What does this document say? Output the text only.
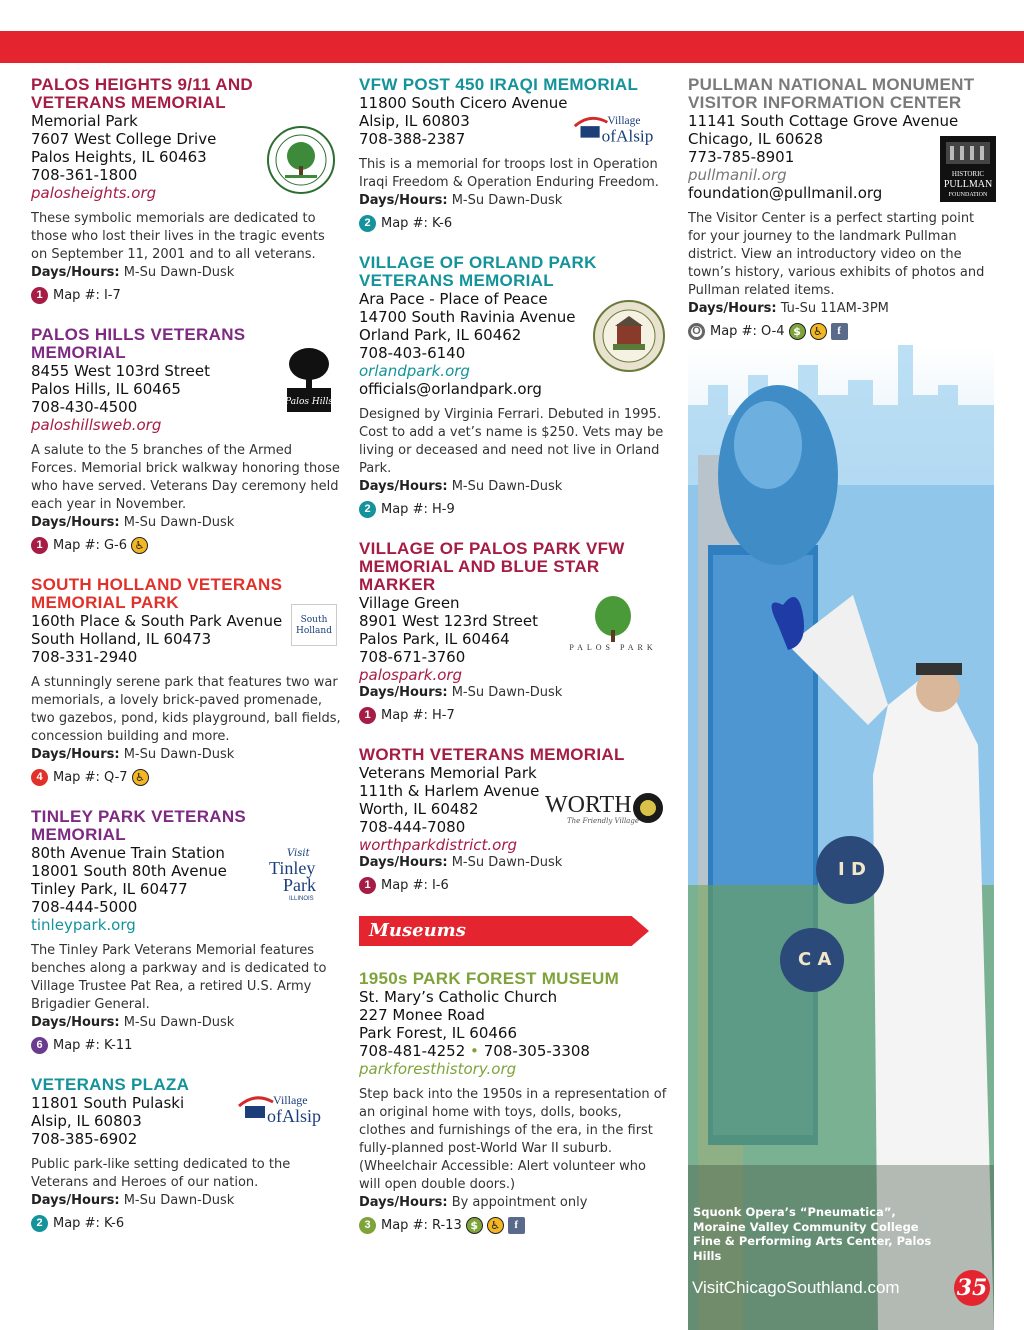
PALOS HEIGHTS 9/11 AND VETERANS MEMORIAL
Memorial Park
7607 West College Drive
Palos Heights, IL 60463
708-361-1800
palosheights.org
These symbolic memorials are dedicated to those who lost their lives in the tragic events on September 11, 2001 and to all veterans.
Days/Hours: M-Su Dawn-Dusk
1 Map #: I-7
PALOS HILLS VETERANS MEMORIAL
8455 West 103rd Street
Palos Hills, IL 60465
708-430-4500
paloshillsweb.org
A salute to the 5 branches of the Armed Forces. Memorial brick walkway honoring those who have served. Veterans Day ceremony held each year in November.
Days/Hours: M-Su Dawn-Dusk
1 Map #: G-6 ♿
Palos Hills
SOUTH HOLLAND VETERANS MEMORIAL PARK
160th Place & South Park Avenue
South Holland, IL 60473
708-331-2940
A stunningly serene park that features two war memorials, a lovely brick-paved promenade, two gazebos, pond, kids playground, ball fields, concession building and more.
Days/Hours: M-Su Dawn-Dusk
4 Map #: Q-7 ♿
South
Holland
TINLEY PARK VETERANS MEMORIAL
80th Avenue Train Station
18001 South 80th Avenue
Tinley Park, IL 60477
708-444-5000
tinleypark.org
The Tinley Park Veterans Memorial features benches along a parkway and is dedicated to Village Trustee Pat Rea, a retired U.S. Army Brigadier General.
Days/Hours: M-Su Dawn-Dusk
6 Map #: K-11
Visit
Tinley
Park
ILLINOIS
VETERANS PLAZA
11801 South Pulaski
Alsip, IL 60803
708-385-6902
Public park-like setting dedicated to the Veterans and Heroes of our nation.
Days/Hours: M-Su Dawn-Dusk
2 Map #: K-6
Village
ofAlsip
VFW POST 450 IRAQI MEMORIAL
11800 South Cicero Avenue
Alsip, IL 60803
708-388-2387
This is a memorial for troops lost in Operation Iraqi Freedom & Operation Enduring Freedom.
Days/Hours: M-Su Dawn-Dusk
2 Map #: K-6
Village
ofAlsip
VILLAGE OF ORLAND PARK VETERANS MEMORIAL
Ara Pace - Place of Peace
14700 South Ravinia Avenue
Orland Park, IL 60462
708-403-6140
orlandpark.org
officials@orlandpark.org
Designed by Virginia Ferrari. Debuted in 1995. Cost to add a vet’s name is $250. Vets may be living or deceased and need not live in Orland Park.
Days/Hours: M-Su Dawn-Dusk
2 Map #: H-9
VILLAGE OF PALOS PARK VFW MEMORIAL AND BLUE STAR MARKER
Village Green
8901 West 123rd Street
Palos Park, IL 60464
708-671-3760
palospark.org
Days/Hours: M-Su Dawn-Dusk
1 Map #: H-7
PALOS PARK
WORTH VETERANS MEMORIAL
Veterans Memorial Park
111th & Harlem Avenue
Worth, IL 60482
708-444-7080
worthparkdistrict.org
Days/Hours: M-Su Dawn-Dusk
1 Map #: I-6
WORTH
The Friendly Village
Museums
1950s PARK FOREST MUSEUM
St. Mary’s Catholic Church
227 Monee Road
Park Forest, IL 60466
708-481-4252 • 708-305-3308
parkforesthistory.org
Step back into the 1950s in a representation of an original home with toys, dolls, books, clothes and furnishings of the era, in the first fully-planned post-World War II suburb. (Wheelchair Accessible: Alert volunteer who will open double doors.)
Days/Hours: By appointment only
3 Map #: R-13 $	♿	f
PULLMAN NATIONAL MONUMENT VISITOR INFORMATION CENTER
11141 South Cottage Grove Avenue
Chicago, IL 60628
773-785-8901
pullmanil.org
foundation@pullmanil.org
The Visitor Center is a perfect starting point for your journey to the landmark Pullman district. View an introductory video on the town’s history, various exhibits of photos and Pullman related items.
Days/Hours: Tu-Su 11AM-3PM
O Map #: O-4 $	♿	f
HISTORIC
PULLMAN
FOUNDATION
I D
C A
Squonk Opera’s “Pneumatica”, Moraine Valley Community College Fine & Performing Arts Center, Palos Hills
VisitChicagoSouthland.com	35
